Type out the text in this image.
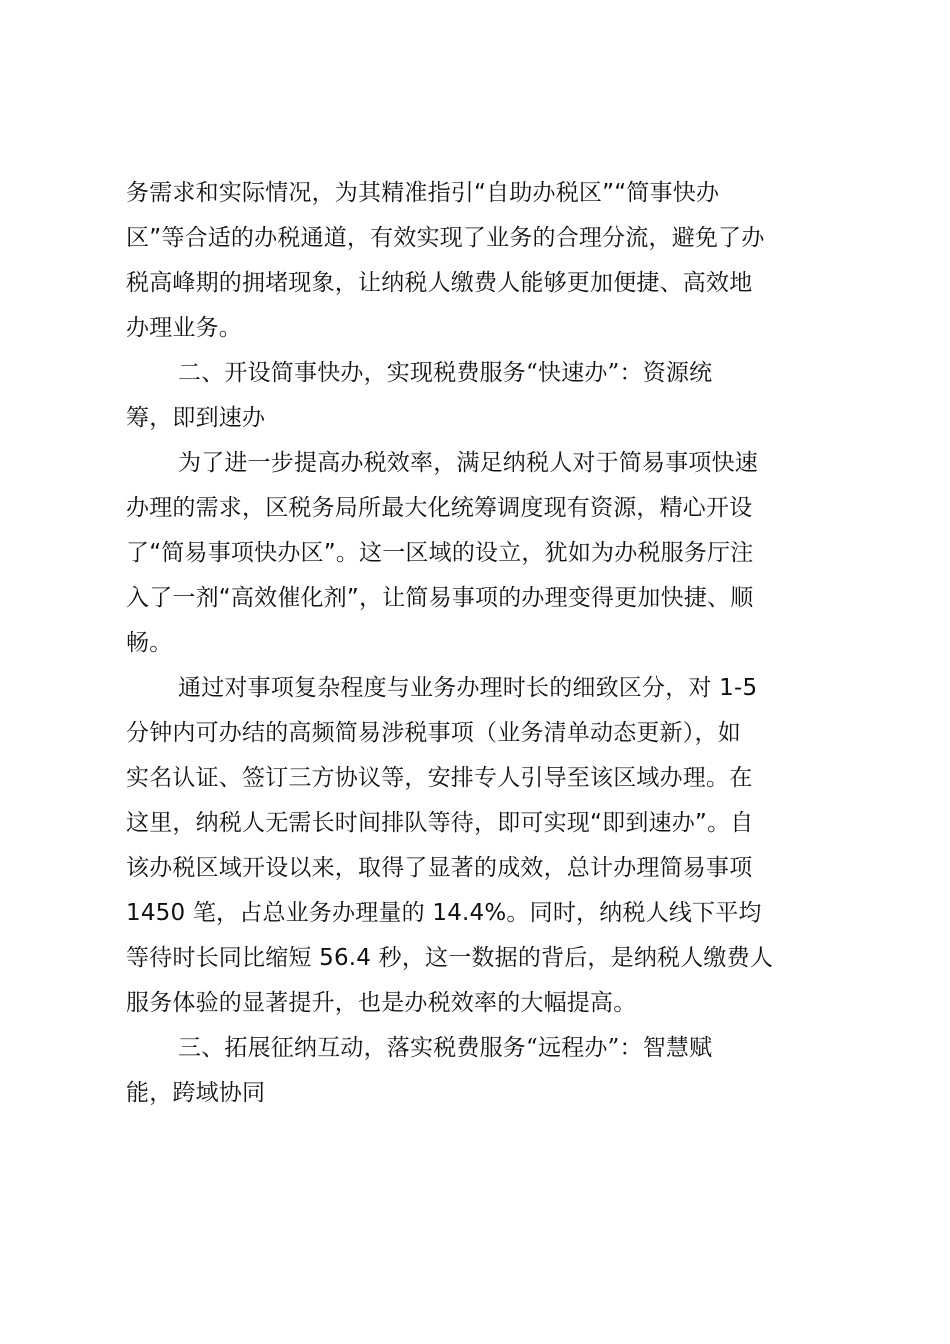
务需求和实际情况，为其精准指引“自助办税区”“简事快办
区”等合适的办税通道，有效实现了业务的合理分流，避免了办
税高峰期的拥堵现象，让纳税人缴费人能够更加便捷、高效地
办理业务。
二、开设简事快办，实现税费服务“快速办”：资源统
筹，即到速办
为了进一步提高办税效率，满足纳税人对于简易事项快速
办理的需求，区税务局所最大化统筹调度现有资源，精心开设
了“简易事项快办区”。这一区域的设立，犹如为办税服务厅注
入了一剂“高效催化剂”，让简易事项的办理变得更加快捷、顺
畅。
通过对事项复杂程度与业务办理时长的细致区分，对 1-5
分钟内可办结的高频简易涉税事项（业务清单动态更新），如
实名认证、签订三方协议等，安排专人引导至该区域办理。在
这里，纳税人无需长时间排队等待，即可实现“即到速办”。自
该办税区域开设以来，取得了显著的成效，总计办理简易事项
1450 笔，占总业务办理量的 14.4%。同时，纳税人线下平均
等待时长同比缩短 56.4 秒，这一数据的背后，是纳税人缴费人
服务体验的显著提升，也是办税效率的大幅提高。
三、拓展征纳互动，落实税费服务“远程办”：智慧赋
能，跨域协同
